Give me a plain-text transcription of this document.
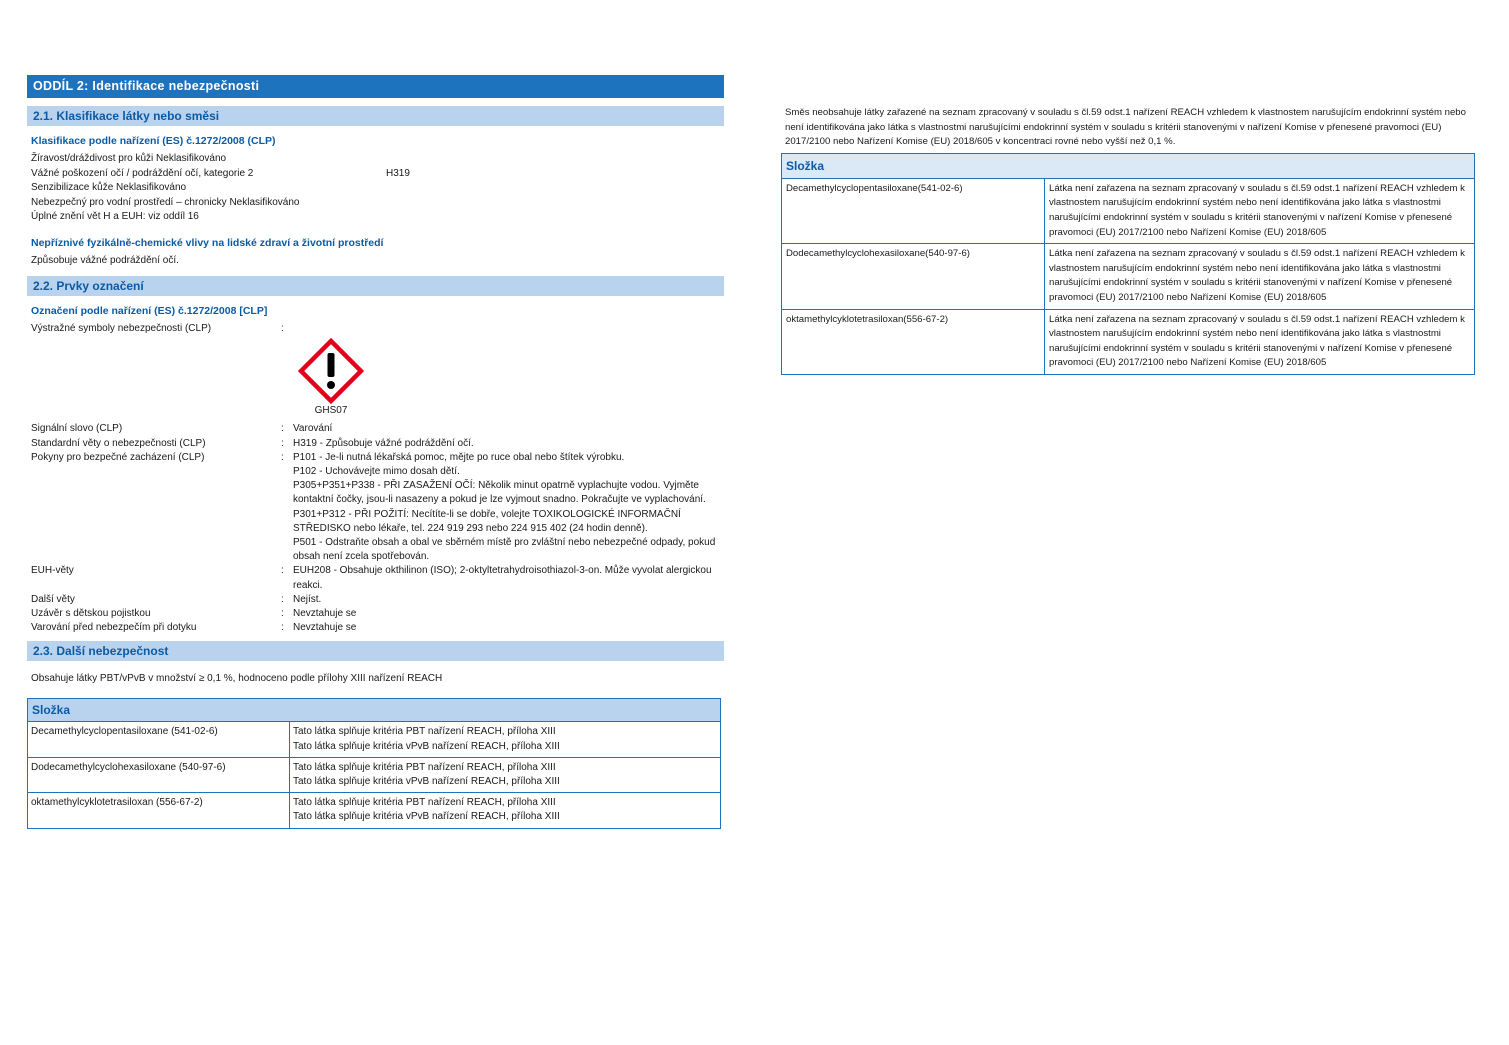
ODDÍL 2: Identifikace nebezpečnosti
2.1. Klasifikace látky nebo směsi
Klasifikace podle nařízení (ES) č.1272/2008 (CLP)
Žíravost/dráždivost pro kůži Neklasifikováno
Vážné poškození očí / podráždění očí, kategorie 2	H319
Senzibilizace kůže Neklasifikováno
Nebezpečný pro vodní prostředí – chronicky Neklasifikováno
Úplné znění vět H a EUH: viz oddíl 16
Nepříznivé fyzikálně-chemické vlivy na lidské zdraví a životní prostředí
Způsobuje vážné podráždění očí.
2.2. Prvky označení
Označení podle nařízení (ES) č.1272/2008 [CLP]
Výstražné symboly nebezpečnosti (CLP)	:
GHS07
Signální slovo (CLP)	: Varování

Standardní věty o nebezpečnosti (CLP)	: H319 - Způsobuje vážné podráždění očí.

Pokyny pro bezpečné zacházení (CLP)	: P101 - Je-li nutná lékařská pomoc, mějte po ruce obal nebo štítek výrobku.

P102 - Uchovávejte mimo dosah dětí.

P305+P351+P338 - PŘI ZASAŽENÍ OČÍ: Několik minut opatrně vyplachujte vodou. Vyjměte kontaktní čočky, jsou-li nasazeny a pokud je lze vyjmout snadno. Pokračujte ve vyplachování.

P301+P312 - PŘI POŽITÍ: Necítíte-li se dobře, volejte TOXIKOLOGICKÉ INFORMAČNÍ STŘEDISKO nebo lékaře, tel. 224 919 293 nebo 224 915 402 (24 hodin denně).

P501 - Odstraňte obsah a obal ve sběrném místě pro zvláštní nebo nebezpečné odpady, pokud obsah není zcela spotřebován.

EUH-věty	: EUH208 - Obsahuje okthilinon (ISO); 2-oktyltetrahydroisothiazol-3-on. Může vyvolat alergickou reakci.

Další věty	: Nejíst.

Uzávěr s dětskou pojistkou	: Nevztahuje se

Varování před nebezpečím při dotyku	: Nevztahuje se

2.3. Další nebezpečnost
Obsahuje látky PBT/vPvB v množství ≥ 0,1 %, hodnoceno podle přílohy XIII nařízení REACH
Složka	
Decamethylcyclopentasiloxane (541-02-6)	Tato látka splňuje kritéria PBT nařízení REACH, příloha XIII
Tato látka splňuje kritéria vPvB nařízení REACH, příloha XIII

Dodecamethylcyclohexasiloxane (540-97-6)	Tato látka splňuje kritéria PBT nařízení REACH, příloha XIII
Tato látka splňuje kritéria vPvB nařízení REACH, příloha XIII

oktamethylcyklotetrasiloxan (556-67-2)	Tato látka splňuje kritéria PBT nařízení REACH, příloha XIII
Tato látka splňuje kritéria vPvB nařízení REACH, příloha XIII
Směs neobsahuje látky zařazené na seznam zpracovaný v souladu s čl.59 odst.1 nařízení REACH vzhledem k vlastnostem narušujícím endokrinní systém nebo není identifikována jako látka s vlastnostmi narušujícími endokrinní systém v souladu s kritérii stanovenými v nařízení Komise v přenesené pravomoci (EU) 2017/2100 nebo Nařízení Komise (EU) 2018/605 v koncentraci rovné nebo vyšší než 0,1 %.
Složka	
Decamethylcyclopentasiloxane(541-02-6)	Látka není zařazena na seznam zpracovaný v souladu s čl.59 odst.1 nařízení REACH vzhledem k vlastnostem narušujícím endokrinní systém nebo není identifikována jako látka s vlastnostmi narušujícími endokrinní systém v souladu s kritérii stanovenými v nařízení Komise v přenesené pravomoci (EU) 2017/2100 nebo Nařízení Komise (EU) 2018/605
Dodecamethylcyclohexasiloxane(540-97-6)	Látka není zařazena na seznam zpracovaný v souladu s čl.59 odst.1 nařízení REACH vzhledem k vlastnostem narušujícím endokrinní systém nebo není identifikována jako látka s vlastnostmi narušujícími endokrinní systém v souladu s kritérii stanovenými v nařízení Komise v přenesené pravomoci (EU) 2017/2100 nebo Nařízení Komise (EU) 2018/605
oktamethylcyklotetrasiloxan(556-67-2)	Látka není zařazena na seznam zpracovaný v souladu s čl.59 odst.1 nařízení REACH vzhledem k vlastnostem narušujícím endokrinní systém nebo není identifikována jako látka s vlastnostmi narušujícími endokrinní systém v souladu s kritérii stanovenými v nařízení Komise v přenesené pravomoci (EU) 2017/2100 nebo Nařízení Komise (EU) 2018/605
